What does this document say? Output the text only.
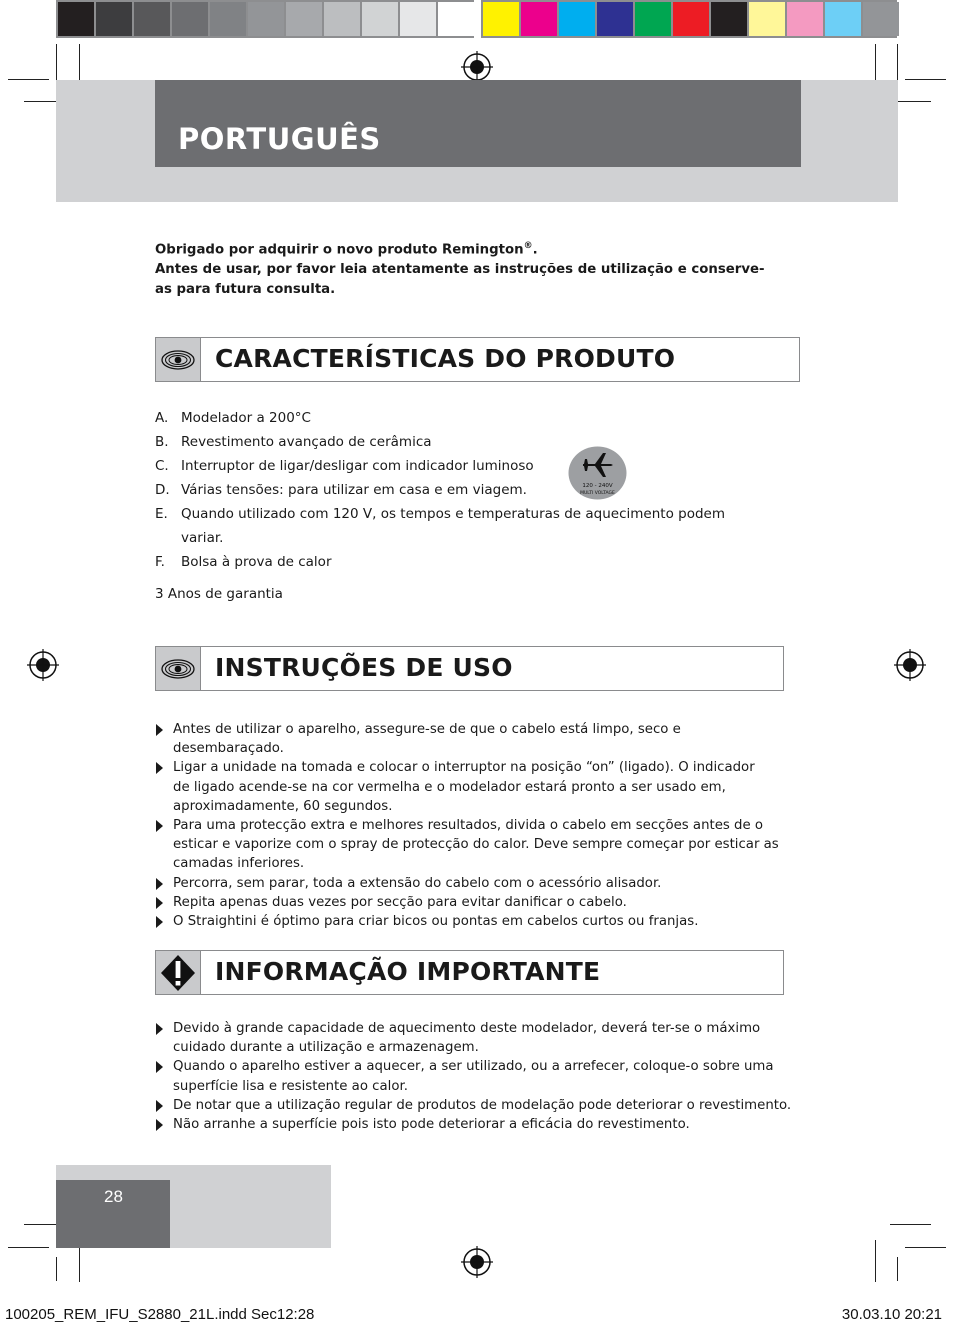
PORTUGUÊS
Obrigado por adquirir o novo produto Remington®.
Antes de usar, por favor leia atentamente as instruções de utilização e conserve-
as para futura consulta.
CARACTERÍSTICAS DO PRODUTO
A. Modelador a 200°C
B. Revestimento avançado de cerâmica
C. Interruptor de ligar/desligar com indicador luminoso
D. Várias tensões: para utilizar em casa e em viagem.
E. Quando utilizado com 120 V, os tempos e temperaturas de aquecimento podem
variar.
F.	Bolsa à prova de calor
120 - 240V
MULTI VOLTAGE
3 Anos de garantia
INSTRUÇÕES DE USO
Antes de utilizar o aparelho, assegure-se de que o cabelo está limpo, seco e desembaraçado.
Ligar a unidade na tomada e colocar o interruptor na posição “on” (ligado). O indicador
de ligado acende-se na cor vermelha e o modelador estará pronto a ser usado em,
aproximadamente, 60 segundos.
Para uma protecção extra e melhores resultados, divida o cabelo em secções antes de o
esticar e vaporize com o spray de protecção do calor. Deve sempre começar por esticar as
camadas inferiores.
Percorra, sem parar, toda a extensão do cabelo com o acessório alisador.
Repita apenas duas vezes por secção para evitar danificar o cabelo.
O Straightini é óptimo para criar bicos ou pontas em cabelos curtos ou franjas.
INFORMAÇÃO IMPORTANTE
Devido à grande capacidade de aquecimento deste modelador, deverá ter-se o máximo
cuidado durante a utilização e armazenagem.
Quando o aparelho estiver a aquecer, a ser utilizado, ou a arrefecer, coloque-o sobre uma
superfície lisa e resistente ao calor.
De notar que a utilização regular de produtos de modelação pode deteriorar o revestimento.
Não arranhe a superfície pois isto pode deteriorar a eficácia do revestimento.
28
100205_REM_IFU_S2880_21L.indd Sec12:28	30.03.10 20:21
